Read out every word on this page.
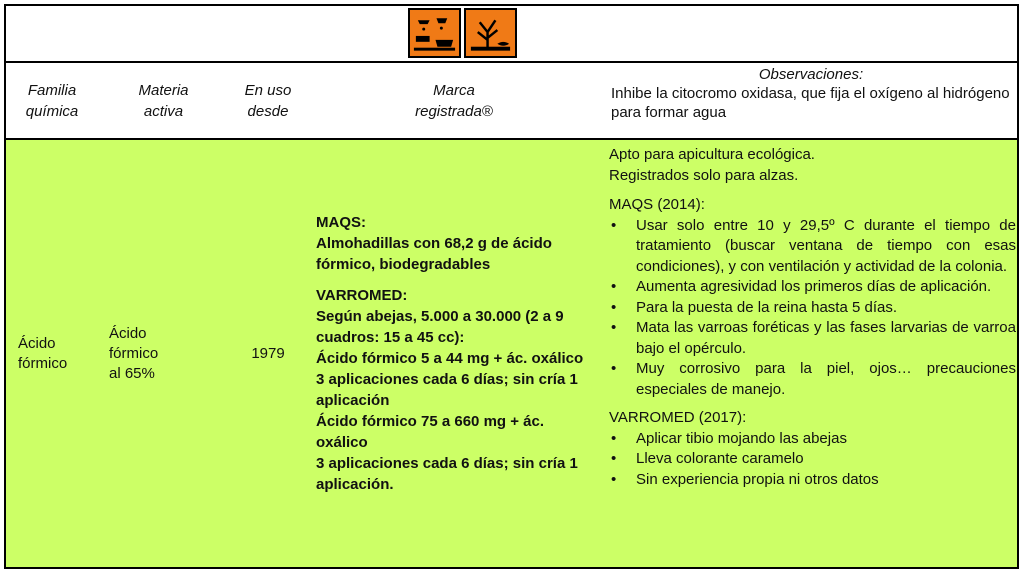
Familia
química
Materia
activa
En uso
desde
Marca
registrada®
Observaciones:
Inhibe la citocromo oxidasa, que fija el oxígeno al hidrógeno para formar agua
Ácido fórmico
Ácido
fórmico
al 65%
1979
MAQS:
Almohadillas con 68,2 g de ácido fórmico, biodegradables
VARROMED:
Según abejas, 5.000 a 30.000 (2 a 9 cuadros: 15 a 45 cc):
Ácido fórmico 5 a 44 mg + ác. oxálico
3 aplicaciones cada 6 días; sin cría 1 aplicación
Ácido fórmico 75 a 660 mg + ác. oxálico
3 aplicaciones cada 6 días; sin cría 1 aplicación.
Apto para apicultura ecológica.
Registrados solo para alzas.
MAQS (2014):
• Usar solo entre 10 y 29,5º C durante el tiempo de tratamiento (buscar ventana de tiempo con esas condiciones), y con ventilación y actividad de la colonia.
• Aumenta agresividad los primeros días de aplicación.
• Para la puesta de la reina hasta 5 días.
• Mata las varroas foréticas y las fases larvarias de varroa bajo el opérculo.
• Muy corrosivo para la piel, ojos… precauciones especiales de manejo.
VARROMED (2017):
• Aplicar tibio mojando las abejas
• Lleva colorante caramelo
• Sin experiencia propia ni otros datos
